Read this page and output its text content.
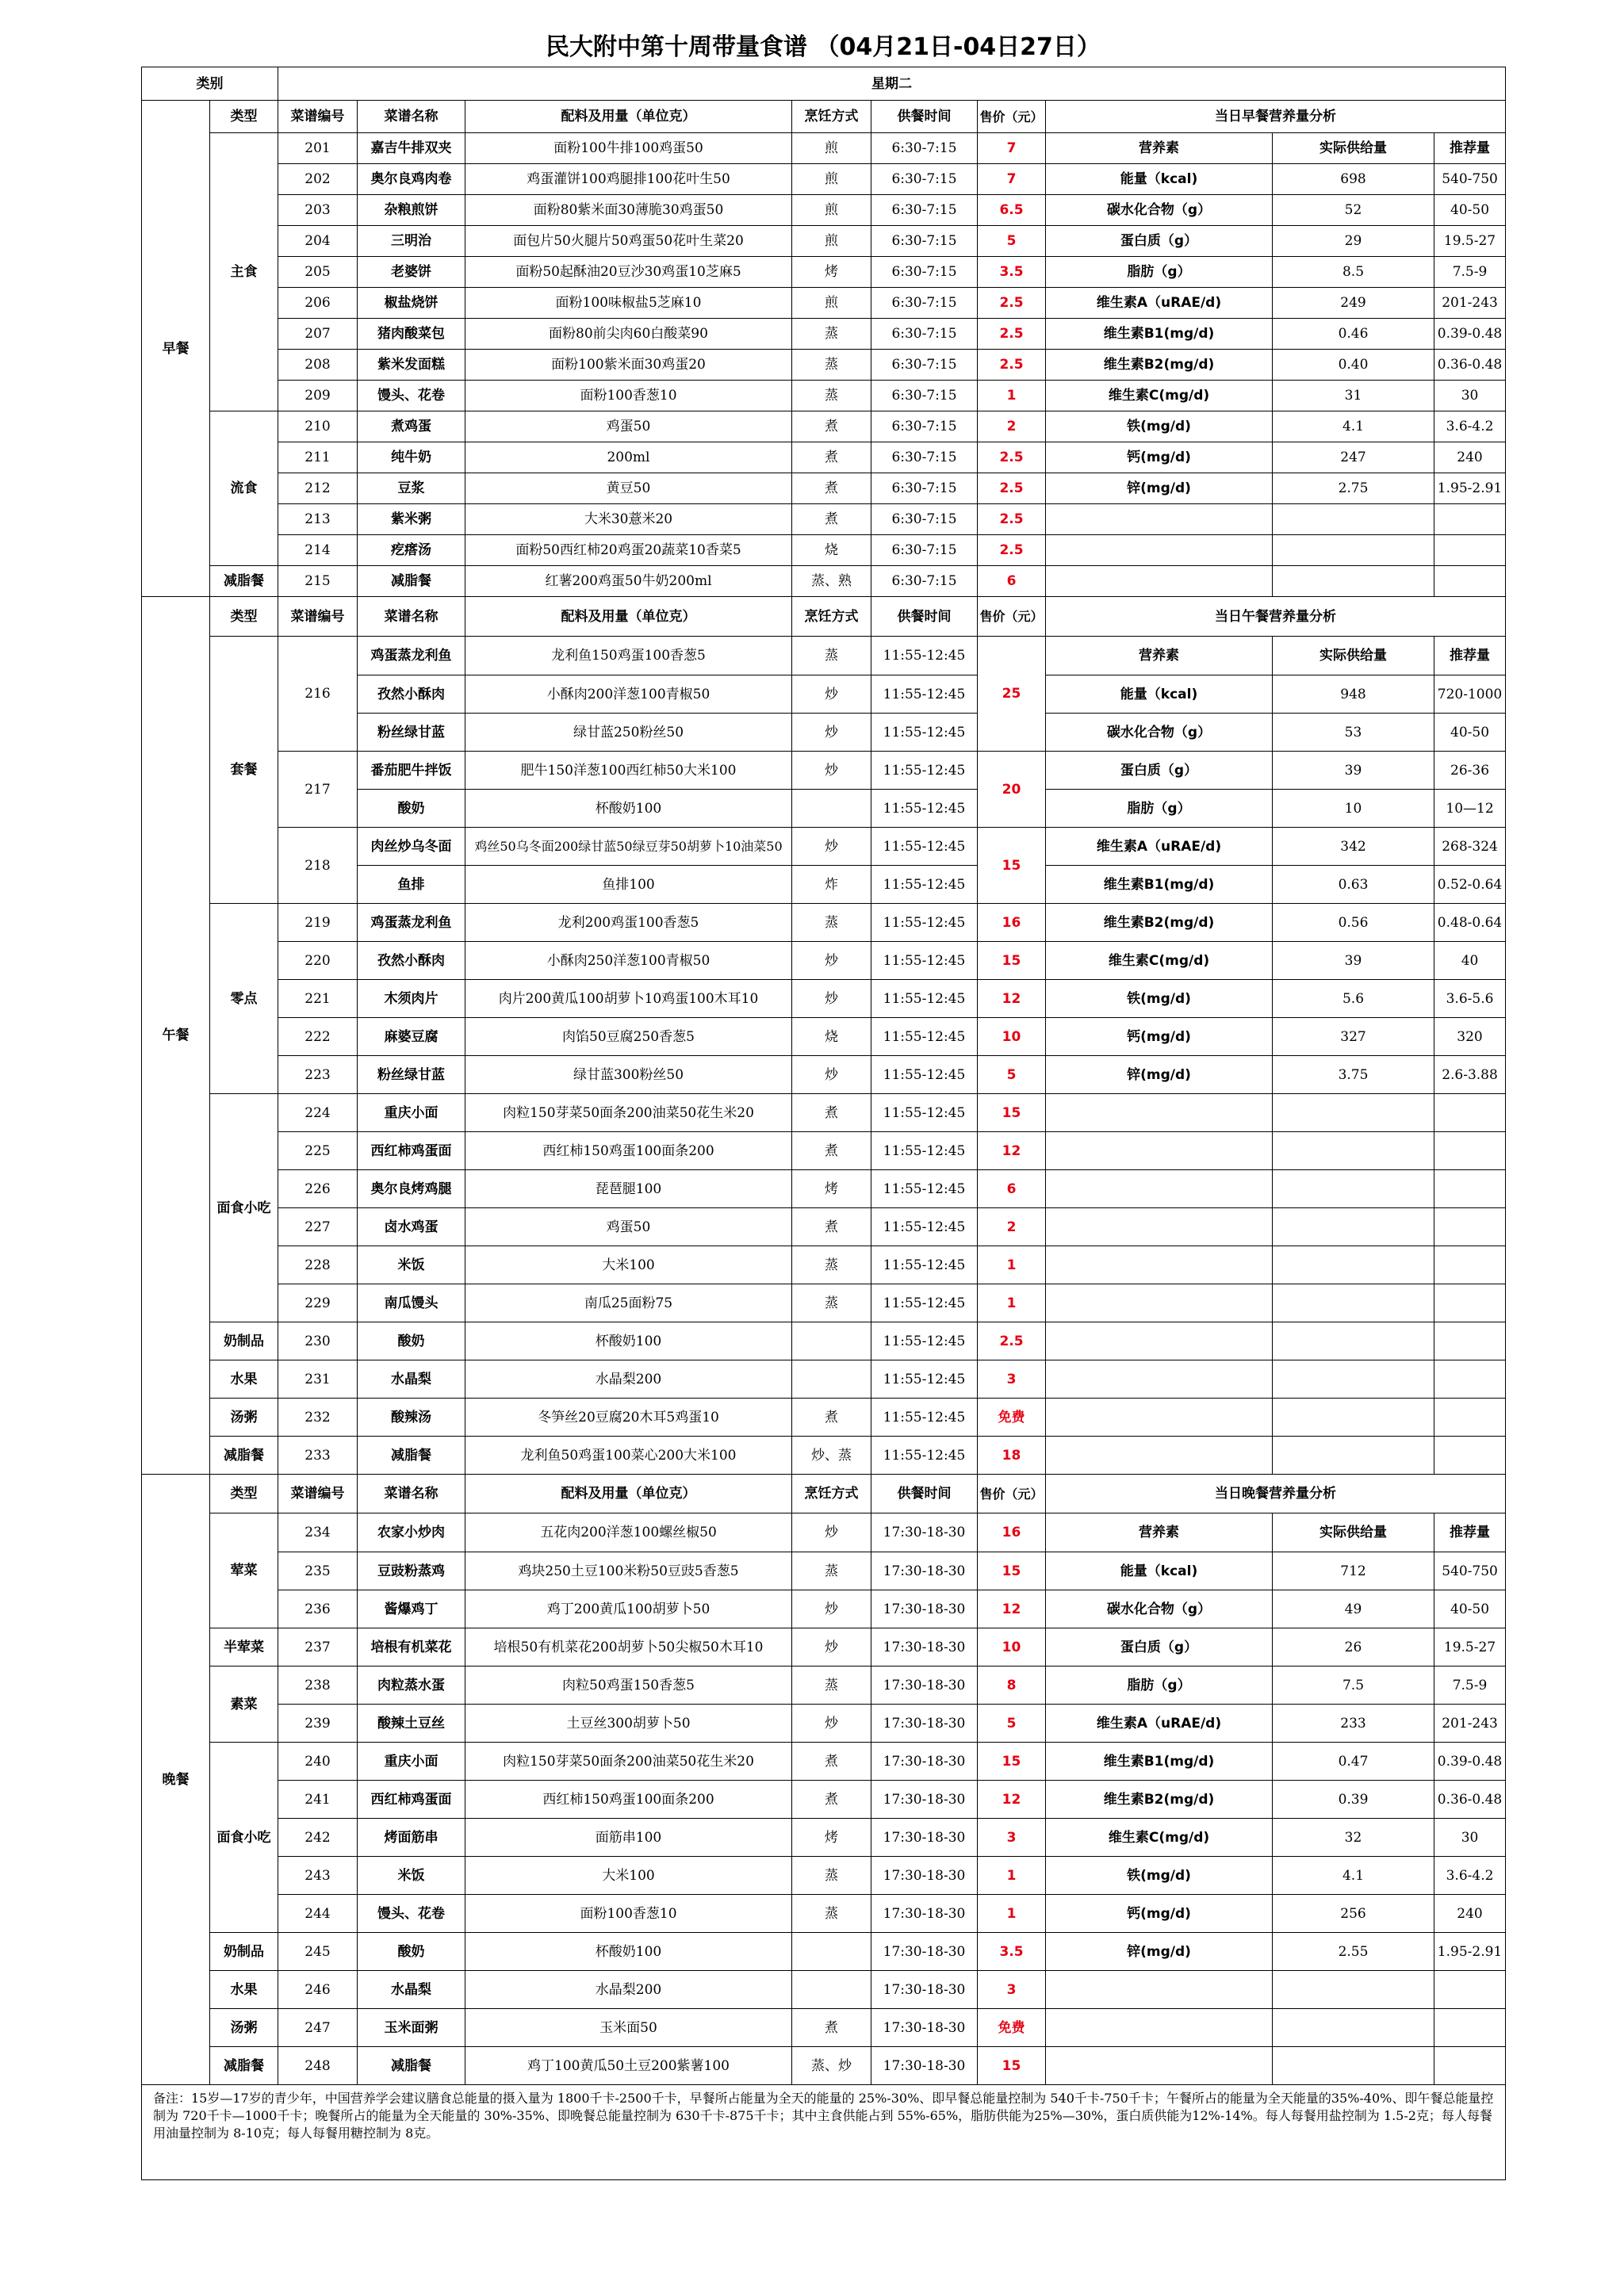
民大附中第十周带量食谱 （04月21日-04日27日）
类别		星期二								
早餐	类型	菜谱编号	菜谱名称	配料及用量（单位克）	烹饪方式	供餐时间	售价（元）	当日早餐营养量分析		
	主食	201	嘉吉牛排双夹	面粉100牛排100鸡蛋50	煎	6:30-7:15	7	营养素	实际供给量	推荐量
		202	奥尔良鸡肉卷	鸡蛋灌饼100鸡腿排100花叶生50	煎	6:30-7:15	7	能量（kcal)	698	540-750
		203	杂粮煎饼	面粉80紫米面30薄脆30鸡蛋50	煎	6:30-7:15	6.5	碳水化合物（g）	52	40-50
		204	三明治	面包片50火腿片50鸡蛋50花叶生菜20	煎	6:30-7:15	5	蛋白质（g）	29	19.5-27
		205	老婆饼	面粉50起酥油20豆沙30鸡蛋10芝麻5	烤	6:30-7:15	3.5	脂肪（g）	8.5	7.5-9
		206	椒盐烧饼	面粉100味椒盐5芝麻10	煎	6:30-7:15	2.5	维生素A（uRAE/d)	249	201-243
		207	猪肉酸菜包	面粉80前尖肉60白酸菜90	蒸	6:30-7:15	2.5	维生素B1(mg/d)	0.46	0.39-0.48
		208	紫米发面糕	面粉100紫米面30鸡蛋20	蒸	6:30-7:15	2.5	维生素B2(mg/d)	0.40	0.36-0.48
		209	馒头、花卷	面粉100香葱10	蒸	6:30-7:15	1	维生素C(mg/d)	31	30
	流食	210	煮鸡蛋	鸡蛋50	煮	6:30-7:15	2	铁(mg/d)	4.1	3.6-4.2
		211	纯牛奶	200ml	煮	6:30-7:15	2.5	钙(mg/d)	247	240
		212	豆浆	黄豆50	煮	6:30-7:15	2.5	锌(mg/d)	2.75	1.95-2.91
		213	紫米粥	大米30薏米20	煮	6:30-7:15	2.5			
		214	疙瘩汤	面粉50西红柿20鸡蛋20蔬菜10香菜5	烧	6:30-7:15	2.5			
	减脂餐	215	减脂餐	红薯200鸡蛋50牛奶200ml	蒸、熟	6:30-7:15	6			
午餐	类型	菜谱编号	菜谱名称	配料及用量（单位克）	烹饪方式	供餐时间	售价（元）	当日午餐营养量分析		
	套餐	216	鸡蛋蒸龙利鱼	龙利鱼150鸡蛋100香葱5	蒸	11:55-12:45	25	营养素	实际供给量	推荐量
			孜然小酥肉	小酥肉200洋葱100青椒50	炒	11:55-12:45		能量（kcal)	948	720-1000
			粉丝绿甘蓝	绿甘蓝250粉丝50	炒	11:55-12:45		碳水化合物（g）	53	40-50
		217	番茄肥牛拌饭	肥牛150洋葱100西红柿50大米100	炒	11:55-12:45	20	蛋白质（g）	39	26-36
			酸奶	杯酸奶100		11:55-12:45		脂肪（g）	10	10—12
		218	肉丝炒乌冬面	鸡丝50乌冬面200绿甘蓝50绿豆芽50胡萝卜10油菜50	炒	11:55-12:45	15	维生素A（uRAE/d)	342	268-324
			鱼排	鱼排100	炸	11:55-12:45		维生素B1(mg/d)	0.63	0.52-0.64
	零点	219	鸡蛋蒸龙利鱼	龙利200鸡蛋100香葱5	蒸	11:55-12:45	16	维生素B2(mg/d)	0.56	0.48-0.64
		220	孜然小酥肉	小酥肉250洋葱100青椒50	炒	11:55-12:45	15	维生素C(mg/d)	39	40
		221	木须肉片	肉片200黄瓜100胡萝卜10鸡蛋100木耳10	炒	11:55-12:45	12	铁(mg/d)	5.6	3.6-5.6
		222	麻婆豆腐	肉馅50豆腐250香葱5	烧	11:55-12:45	10	钙(mg/d)	327	320
		223	粉丝绿甘蓝	绿甘蓝300粉丝50	炒	11:55-12:45	5	锌(mg/d)	3.75	2.6-3.88
	面食小吃	224	重庆小面	肉粒150芽菜50面条200油菜50花生米20	煮	11:55-12:45	15			
		225	西红柿鸡蛋面	西红柿150鸡蛋100面条200	煮	11:55-12:45	12			
		226	奥尔良烤鸡腿	琵琶腿100	烤	11:55-12:45	6			
		227	卤水鸡蛋	鸡蛋50	煮	11:55-12:45	2			
		228	米饭	大米100	蒸	11:55-12:45	1			
		229	南瓜馒头	南瓜25面粉75	蒸	11:55-12:45	1			
	奶制品	230	酸奶	杯酸奶100		11:55-12:45	2.5			
	水果	231	水晶梨	水晶梨200		11:55-12:45	3			
	汤粥	232	酸辣汤	冬笋丝20豆腐20木耳5鸡蛋10	煮	11:55-12:45	免费			
	减脂餐	233	减脂餐	龙利鱼50鸡蛋100菜心200大米100	炒、蒸	11:55-12:45	18			
晚餐	类型	菜谱编号	菜谱名称	配料及用量（单位克）	烹饪方式	供餐时间	售价（元）	当日晚餐营养量分析		
	荤菜	234	农家小炒肉	五花肉200洋葱100螺丝椒50	炒	17:30-18-30	16	营养素	实际供给量	推荐量
		235	豆豉粉蒸鸡	鸡块250土豆100米粉50豆豉5香葱5	蒸	17:30-18-30	15	能量（kcal)	712	540-750
		236	酱爆鸡丁	鸡丁200黄瓜100胡萝卜50	炒	17:30-18-30	12	碳水化合物（g）	49	40-50
	半荤菜	237	培根有机菜花	培根50有机菜花200胡萝卜50尖椒50木耳10	炒	17:30-18-30	10	蛋白质（g）	26	19.5-27
	素菜	238	肉粒蒸水蛋	肉粒50鸡蛋150香葱5	蒸	17:30-18-30	8	脂肪（g）	7.5	7.5-9
		239	酸辣土豆丝	土豆丝300胡萝卜50	炒	17:30-18-30	5	维生素A（uRAE/d)	233	201-243
	面食小吃	240	重庆小面	肉粒150芽菜50面条200油菜50花生米20	煮	17:30-18-30	15	维生素B1(mg/d)	0.47	0.39-0.48
		241	西红柿鸡蛋面	西红柿150鸡蛋100面条200	煮	17:30-18-30	12	维生素B2(mg/d)	0.39	0.36-0.48
		242	烤面筋串	面筋串100	烤	17:30-18-30	3	维生素C(mg/d)	32	30
		243	米饭	大米100	蒸	17:30-18-30	1	铁(mg/d)	4.1	3.6-4.2
		244	馒头、花卷	面粉100香葱10	蒸	17:30-18-30	1	钙(mg/d)	256	240
	奶制品	245	酸奶	杯酸奶100		17:30-18-30	3.5	锌(mg/d)	2.55	1.95-2.91
	水果	246	水晶梨	水晶梨200		17:30-18-30	3			
	汤粥	247	玉米面粥	玉米面50	煮	17:30-18-30	免费			
	减脂餐	248	减脂餐	鸡丁100黄瓜50土豆200紫薯100	蒸、炒	17:30-18-30	15			
备注：15岁—17岁的青少年，中国营养学会建议膳食总能量的摄入量为 1800千卡-2500千卡，早餐所占能量为全天的能量的 25%-30%、即早餐总能量控制为 540千卡-750千卡；午餐所占的能量为全天能量的35%-40%、即午餐总能量控制为 720千卡—1000千卡；晚餐所占的能量为全天能量的 30%-35%、即晚餐总能量控制为 630千卡-875千卡；其中主食供能占到 55%-65%，脂肪供能为25%—30%，蛋白质供能为12%-14%。每人每餐用盐控制为 1.5-2克；每人每餐用油量控制为 8-10克；每人每餐用糖控制为 8克。										
